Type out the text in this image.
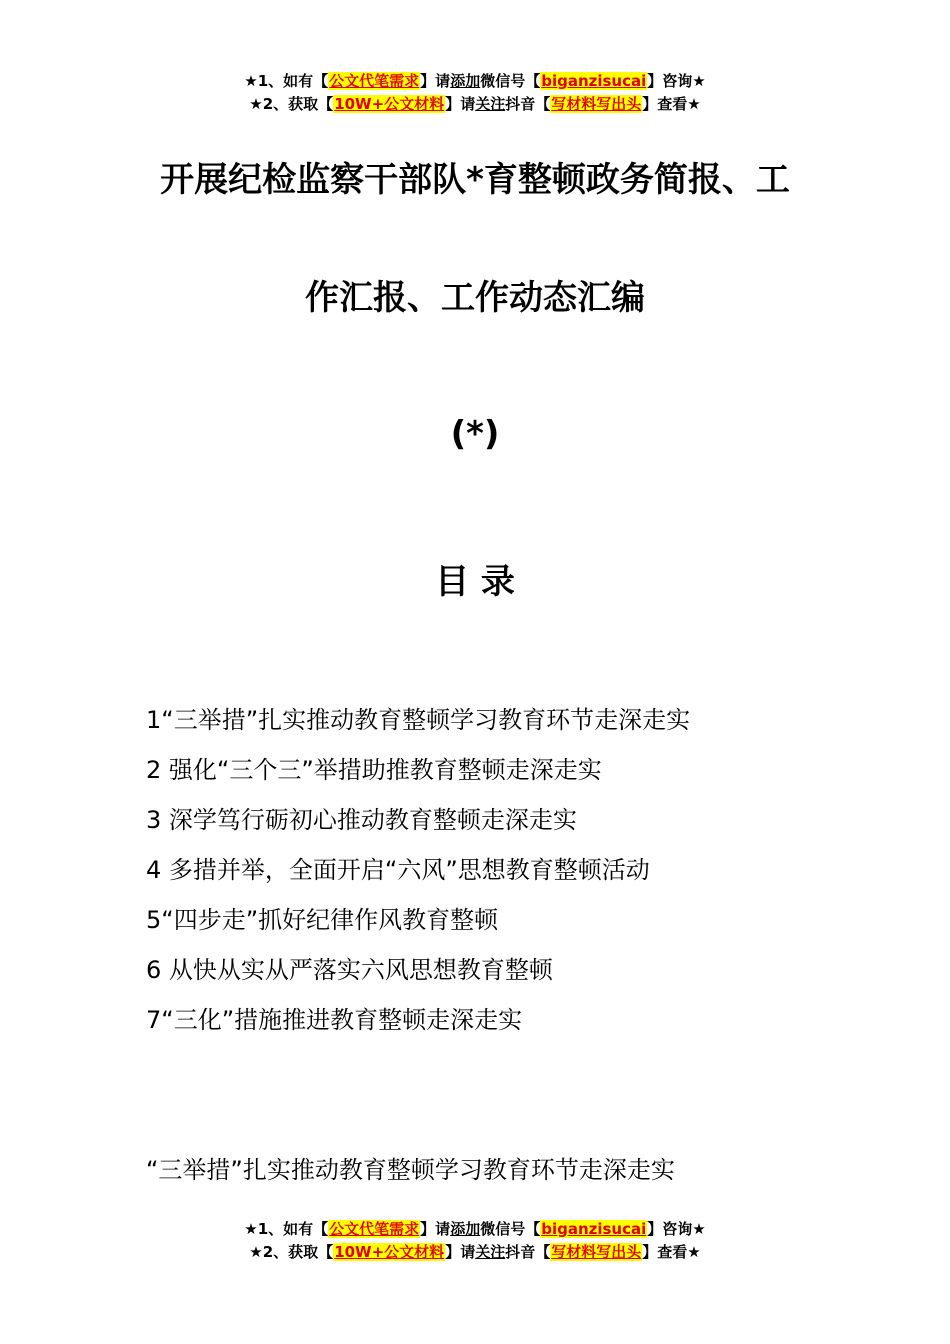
★1、如有【公文代笔需求】请添加微信号【biganzisucai】咨询★
★2、获取【10W+公文材料】请关注抖音【写材料写出头】查看★
开展纪检监察干部队*育整顿政务简报、工
作汇报、工作动态汇编
(*)
目 录
1“三举措”扎实推动教育整顿学习教育环节走深走实
2 强化“三个三”举措助推教育整顿走深走实
3 深学笃行砺初心推动教育整顿走深走实
4 多措并举，全面开启“六风”思想教育整顿活动
5“四步走”抓好纪律作风教育整顿
6 从快从实从严落实六风思想教育整顿
7“三化”措施推进教育整顿走深走实
“三举措”扎实推动教育整顿学习教育环节走深走实
★1、如有【公文代笔需求】请添加微信号【biganzisucai】咨询★
★2、获取【10W+公文材料】请关注抖音【写材料写出头】查看★
